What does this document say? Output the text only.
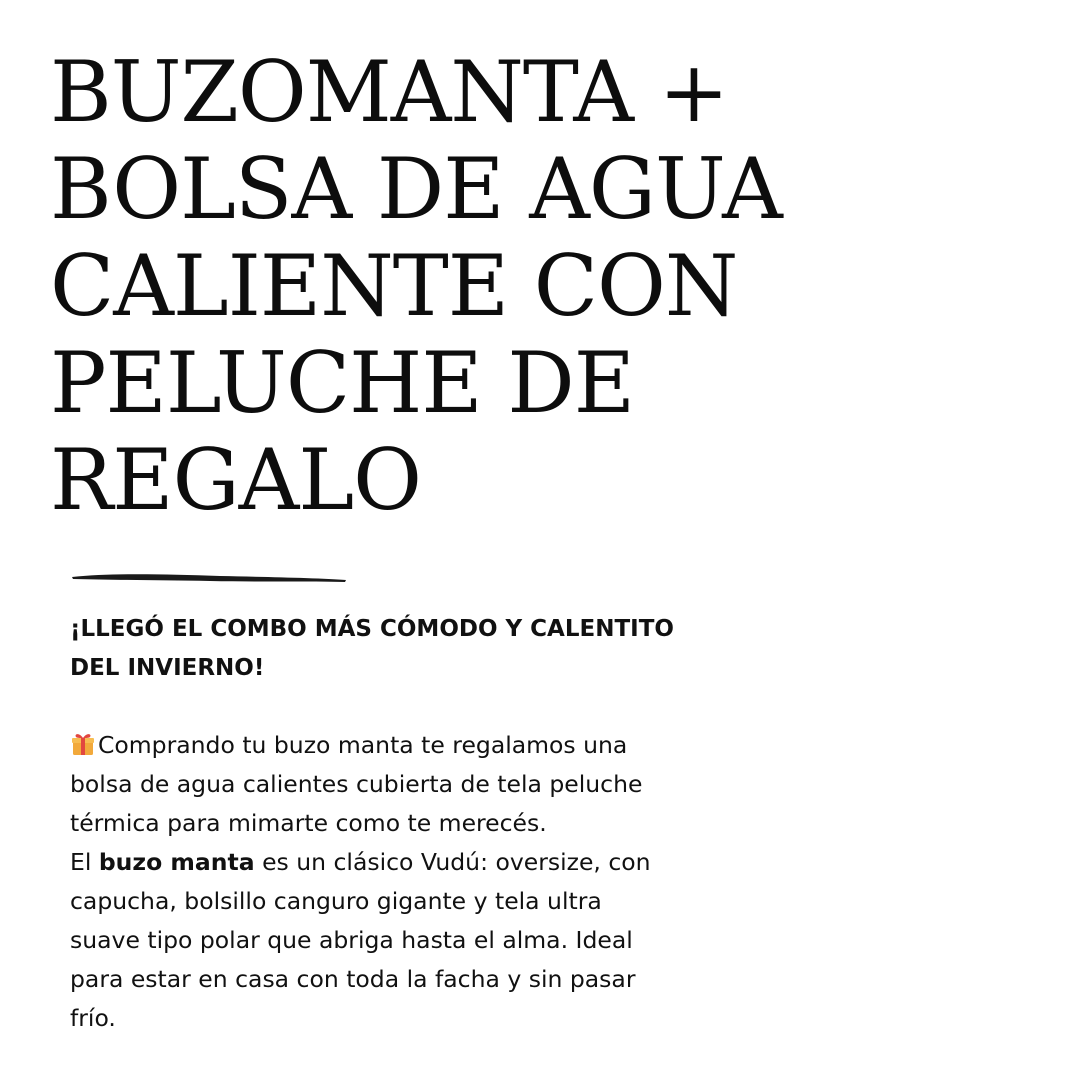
BUZOMANTA +
BOLSA DE AGUA
CALIENTE CON
PELUCHE DE
REGALO

¡LLEGÓ EL COMBO MÁS CÓMODO Y CALENTITO
DEL INVIERNO!

Comprando tu buzo manta te regalamos una
bolsa de agua calientes cubierta de tela peluche
térmica para mimarte como te merecés.
El buzo manta es un clásico Vudú: oversize, con
capucha, bolsillo canguro gigante y tela ultra
suave tipo polar que abriga hasta el alma. Ideal
para estar en casa con toda la facha y sin pasar
frío.
